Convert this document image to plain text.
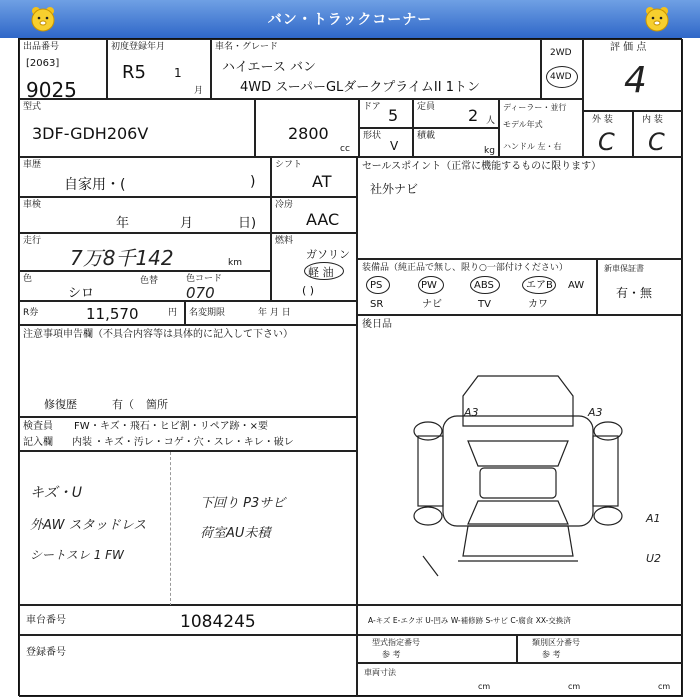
バン・トラックコーナー
出品番号
[2063]
9025
初度登録年月
R5 1
月
車名・グレード
ハイエース バン
4WD スーパーGLダークプライムII 1トン
2WD
4WD
評 価 点
4
型式
3DF-GDH206V	2800
cc
ドア 5 定員 2 人
形状
V
積載
kg
ディーラー・並行
モデル年式
ハンドル 左・右
外 装
C
内 装
C
車歴
自家用・(	)
シフト
AT
車検
年	月	日)
冷房
AAC
走行
7万8千142	km
燃料
ガソリン
軽 油
( )
色
シロ
色替	色コード
070
R券	11,570	円 名変期限	年 月 日
注意事項申告欄（不具合内容等は具体的に記入して下さい）
修復歴	有（ 箇所
セールスポイント（正常に機能するものに限ります）
社外ナビ
装備品（純正品で無し、限り○一部付けください）
PS	PW	ABS	エアB AW
SR	ナビ	TV	カワ
新車保証書
有・無
後日品
A3	A3
A1
U2
A-キズ E-エクボ U-凹み W-補修跡 S-サビ C-腐食 XX-交換済
検査員
記入欄
FW ・キズ・飛石・ヒビ割・リペア跡・×要
内装 ・キズ・汚レ・コゲ・穴・スレ・キレ・破レ
キズ・U
外AW スタッドレス
シートスレ 1 FW
下回り P3サビ
荷室AU未積
車台番号	1084245
登録番号
型式指定番号
参 考
類別区分番号
参 考
車両寸法
cm	cm	cm
